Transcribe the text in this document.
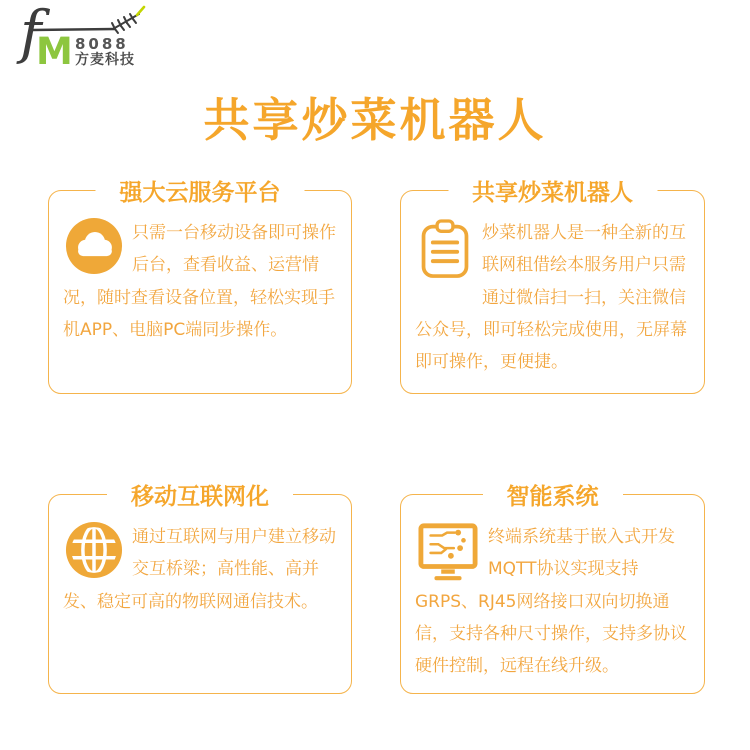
f
M 8088
方麦科技
共享炒菜机器人
强大云服务平台
只需一台移动设备即可操作后台，查看收益、运营情况，随时查看设备位置，轻松实现手机APP、电脑PC端同步操作。
共享炒菜机器人
炒菜机器人是一种全新的互联网租借绘本服务用户只需通过微信扫一扫，关注微信公众号，即可轻松完成使用，无屏幕即可操作，更便捷。
移动互联网化
通过互联网与用户建立移动交互桥梁；高性能、高并发、稳定可高的物联网通信技术。
智能系统
终端系统基于嵌入式开发MQTT协议实现支持GRPS、RJ45网络接口双向切换通信，支持各种尺寸操作，支持多协议硬件控制，远程在线升级。
